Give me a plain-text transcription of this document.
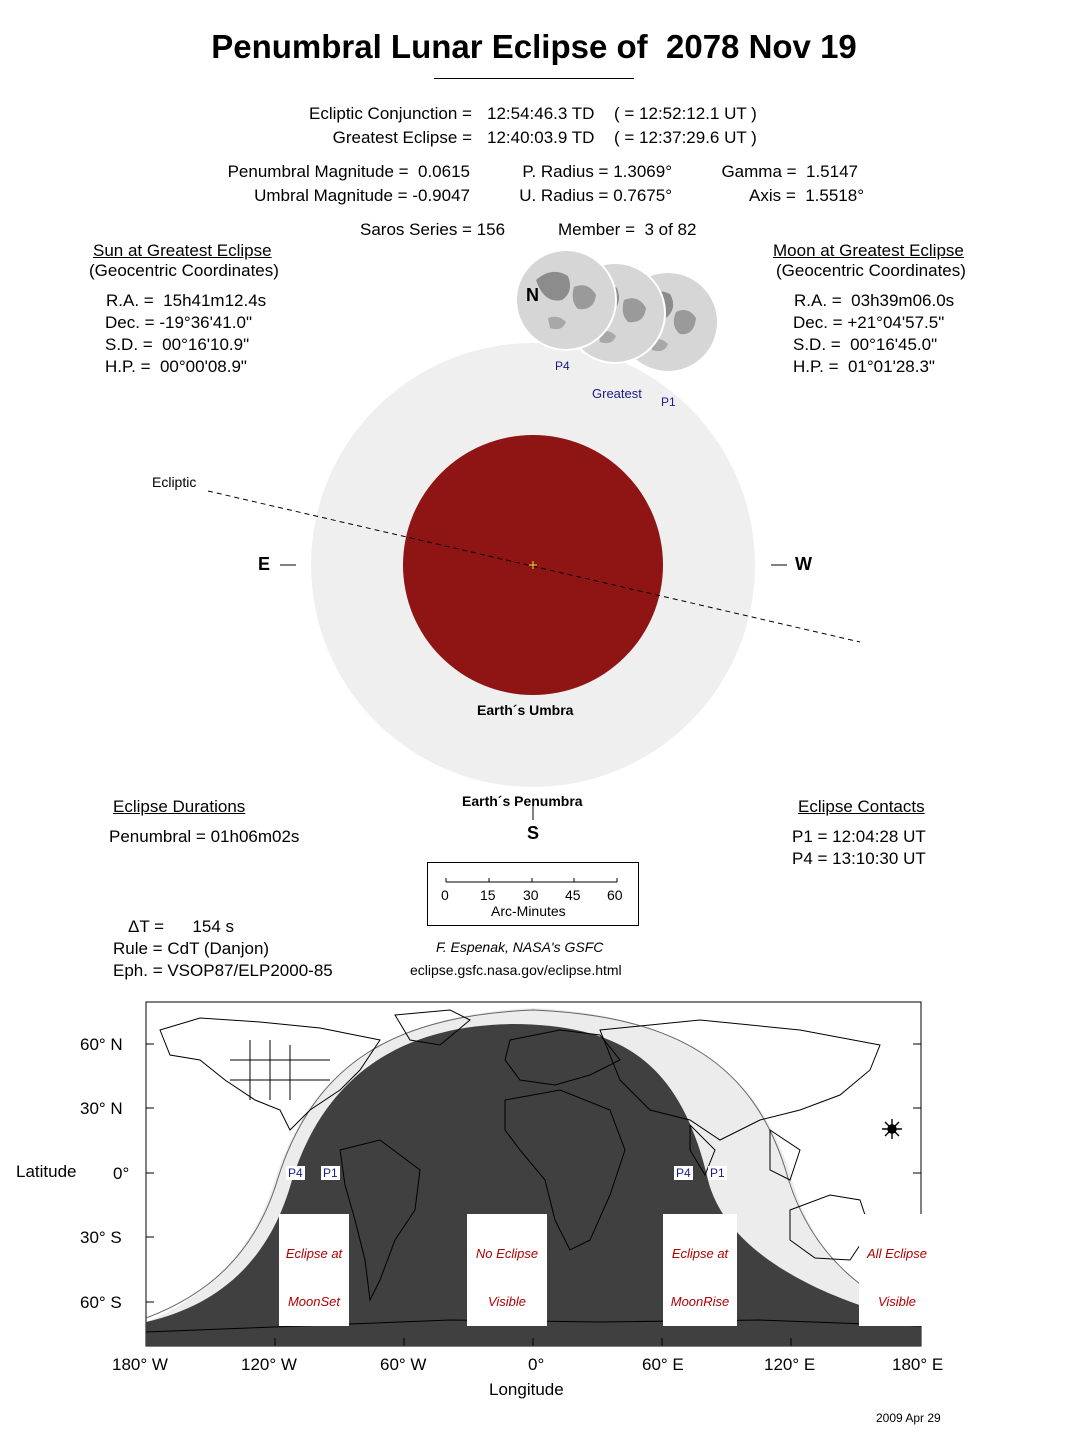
Penumbral Lunar Eclipse of  2078 Nov 19
Ecliptic Conjunction = 12:54:46.3 TD ( = 12:52:12.1 UT )
Greatest Eclipse = 12:40:03.9 TD ( = 12:37:29.6 UT )
Penumbral Magnitude =  0.0615
Umbral Magnitude = -0.9047
P. Radius = 1.3069°
U. Radius = 0.7675°
Gamma =  1.5147
Axis =  1.5518°
Saros Series = 156	Member =  3 of 82
Sun at Greatest Eclipse
(Geocentric Coordinates)
R.A. =  15h41m12.4s
Dec. = -19°36'41.0"
S.D. =  00°16'10.9"
H.P. =  00°00'08.9"
Moon at Greatest Eclipse
(Geocentric Coordinates)
R.A. =  03h39m06.0s
Dec. = +21°04'57.5"
S.D. =  00°16'45.0"
H.P. =  01°01'28.3"
Ecliptic
E	W
N
S
Earth´s Umbra
Earth´s Penumbra
P4
Greatest
P1
Eclipse Durations
Penumbral = 01h06m02s
Eclipse Contacts
P1 = 12:04:28 UT
P4 = 13:10:30 UT
0 15 30 45 60
Arc-Minutes
ΔT =      154 s
Rule = CdT (Danjon)
Eph. = VSOP87/ELP2000-85
F. Espenak, NASA's GSFC
eclipse.gsfc.nasa.gov/eclipse.html
Latitude
Longitude
60° N
30° N
0°
30° S
60° S
180° W	120° W	60° W	0°	60° E	120° E	180° E
P4 P1	P4 P1

Eclipse at

MoonSet

No Eclipse

Visible

Eclipse at

MoonRise

All Eclipse

Visible

2009 Apr 29
